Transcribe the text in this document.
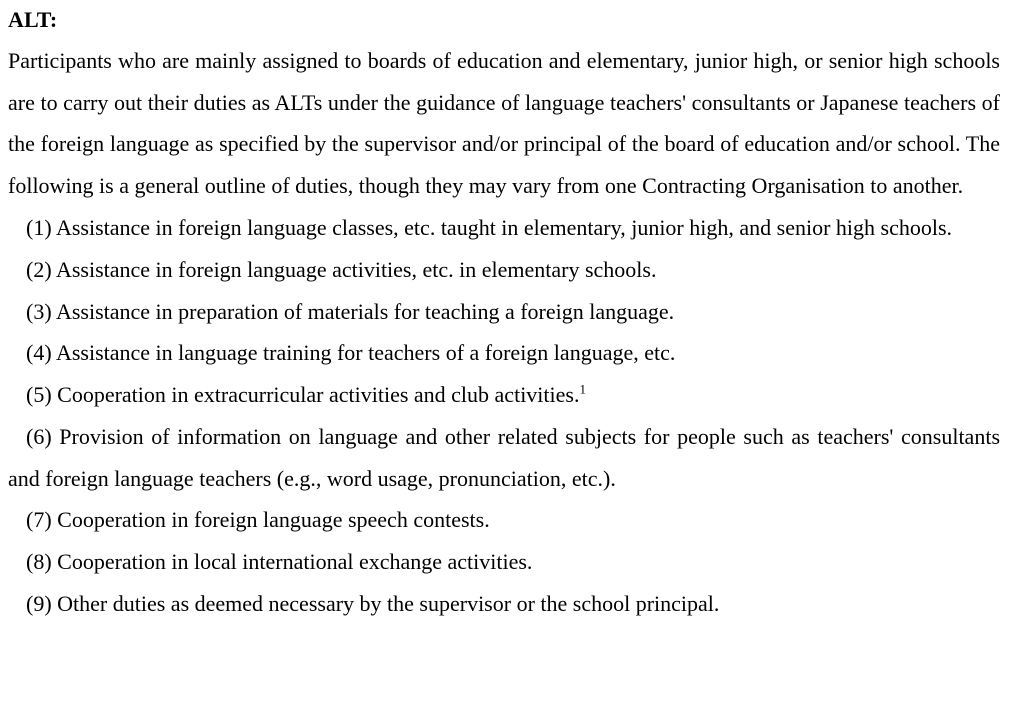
ALT:

Participants who are mainly assigned to boards of education and elementary, junior high, or senior high schools are to carry out their duties as ALTs under the guidance of language teachers' consultants or Japanese teachers of the foreign language as specified by the supervisor and/or principal of the board of education and/or school. The following is a general outline of duties, though they may vary from one Contracting Organisation to another.

(1) Assistance in foreign language classes, etc. taught in elementary, junior high, and senior high schools.
(2) Assistance in foreign language activities, etc. in elementary schools.
(3) Assistance in preparation of materials for teaching a foreign language.
(4) Assistance in language training for teachers of a foreign language, etc.
(5) Cooperation in extracurricular activities and club activities.$^1$
(6) Provision of information on language and other related subjects for people such as teachers' consultants and foreign language teachers (e.g., word usage, pronunciation, etc.).
(7) Cooperation in foreign language speech contests.
(8) Cooperation in local international exchange activities.
(9) Other duties as deemed necessary by the supervisor or the school principal.
